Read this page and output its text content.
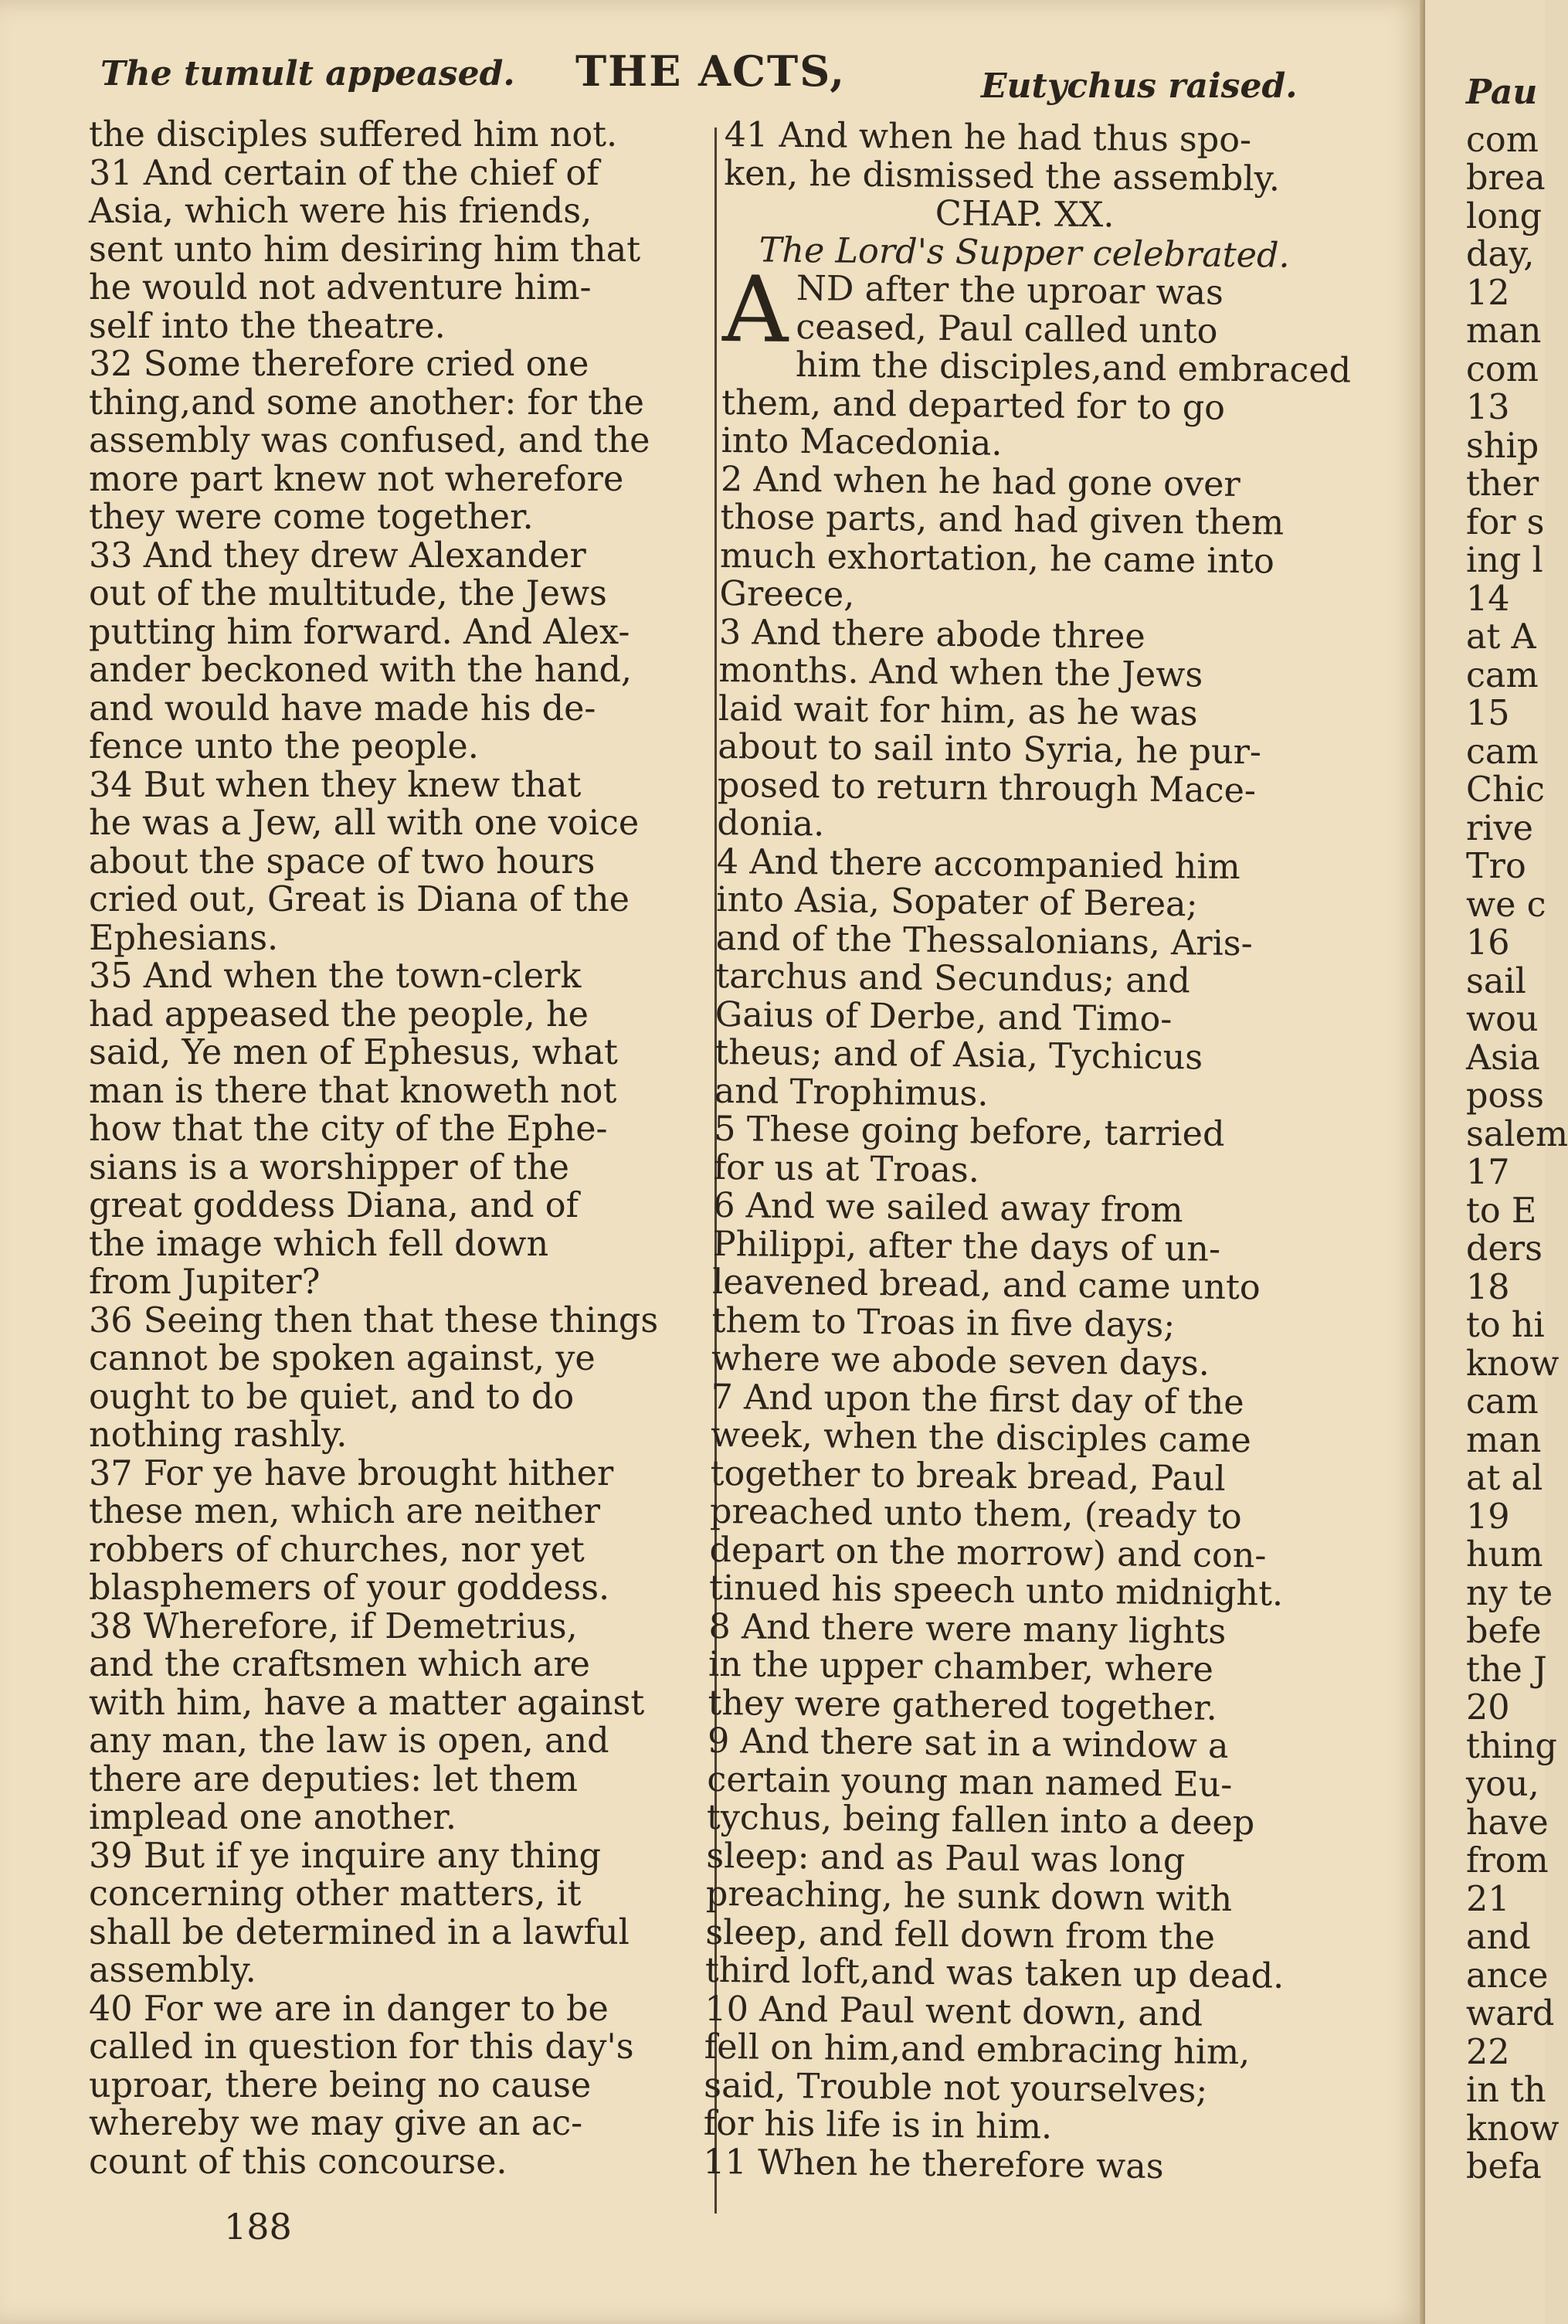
The tumult appeased. THE ACTS,	Eutychus raised.
the disciples suffered him not.
31 And certain of the chief of
Asia, which were his friends,
sent unto him desiring him that
he would not adventure him-
self into the theatre.
32 Some therefore cried one
thing,and some another: for the
assembly was confused, and the
more part knew not wherefore
they were come together.
33 And they drew Alexander
out of the multitude, the Jews
putting him forward. And Alex-
ander beckoned with the hand,
and would have made his de-
fence unto the people.
34 But when they knew that
he was a Jew, all with one voice
about the space of two hours
cried out, Great is Diana of the
Ephesians.
35 And when the town-clerk
had appeased the people, he
said, Ye men of Ephesus, what
man is there that knoweth not
how that the city of the Ephe-
sians is a worshipper of the
great goddess Diana, and of
the image which fell down
from Jupiter?
36 Seeing then that these things
cannot be spoken against, ye
ought to be quiet, and to do
nothing rashly.
37 For ye have brought hither
these men, which are neither
robbers of churches, nor yet
blasphemers of your goddess.
38 Wherefore, if Demetrius,
and the craftsmen which are
with him, have a matter against
any man, the law is open, and
there are deputies: let them
implead one another.
39 But if ye inquire any thing
concerning other matters, it
shall be determined in a lawful
assembly.
40 For we are in danger to be
called in question for this day's
uproar, there being no cause
whereby we may give an ac-
count of this concourse.
41 And when he had thus spo-
ken, he dismissed the assembly.
CHAP. XX.
The Lord's Supper celebrated.
A ND after the uproar was
ceased, Paul called unto
him the disciples,and embraced
them, and departed for to go
into Macedonia.
2 And when he had gone over
those parts, and had given them
much exhortation, he came into
Greece,
3 And there abode three
months. And when the Jews
laid wait for him, as he was
about to sail into Syria, he pur-
posed to return through Mace-
donia.
4 And there accompanied him
into Asia, Sopater of Berea;
and of the Thessalonians, Aris-
tarchus and Secundus; and
Gaius of Derbe, and Timo-
theus; and of Asia, Tychicus
and Trophimus.
5 These going before, tarried
for us at Troas.
6 And we sailed away from
Philippi, after the days of un-
leavened bread, and came unto
them to Troas in five days;
where we abode seven days.
7 And upon the first day of the
week, when the disciples came
together to break bread, Paul
preached unto them, (ready to
depart on the morrow) and con-
tinued his speech unto midnight.
8 And there were many lights
in the upper chamber, where
they were gathered together.
9 And there sat in a window a
certain young man named Eu-
tychus, being fallen into a deep
sleep: and as Paul was long
preaching, he sunk down with
sleep, and fell down from the
third loft,and was taken up dead.
10 And Paul went down, and
fell on him,and embracing him,
said, Trouble not yourselves;
for his life is in him.
11 When he therefore was
188
Pau
com
brea
long
day,
12
man
com
13
ship
ther
for s
ing l
14
at A
cam
15
cam
Chic
rive
Tro
we c
16
sail
wou
Asia
poss
salem
17
to E
ders
18
to hi
know
cam
man
at al
19
hum
ny te
befe
the J
20
thing
you,
have
from
21
and
ance
ward
22
in th
know
befa
